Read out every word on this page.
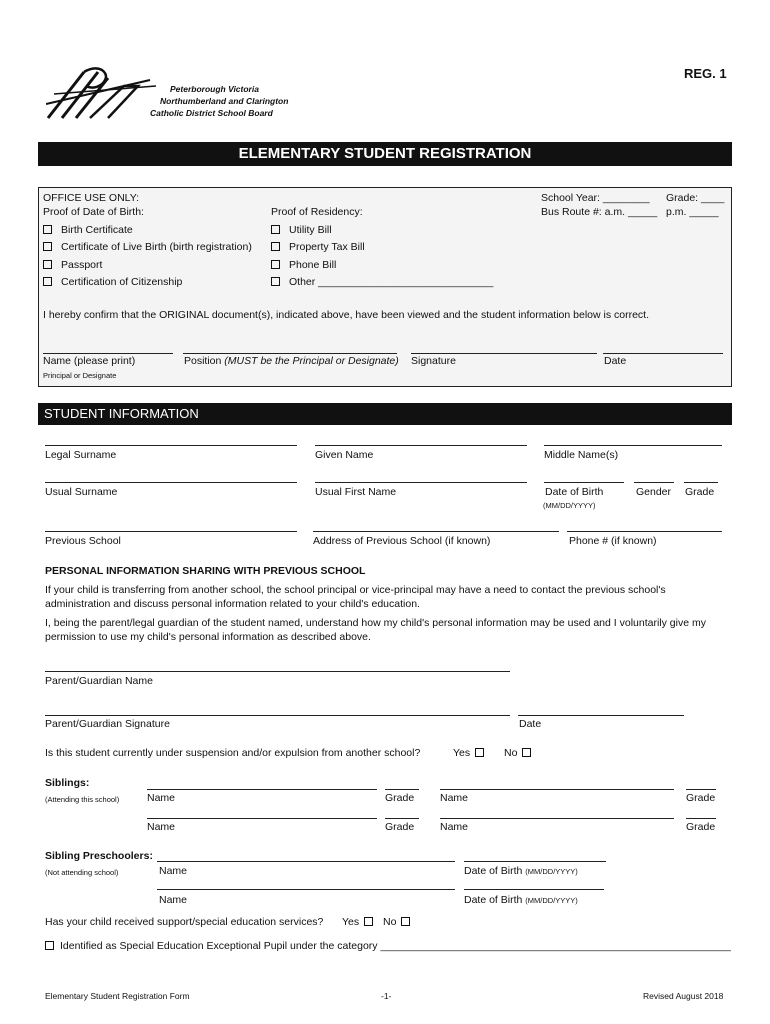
REG. 1
Peterborough Victoria
Northumberland and Clarington
Catholic District School Board
ELEMENTARY STUDENT REGISTRATION
OFFICE USE ONLY:
Proof of Date of Birth:	Proof of Residency:
School Year: ________ Grade: ____
Bus Route #: a.m. _____ p.m. _____
Birth Certificate
Certificate of Live Birth (birth registration)
Passport
Certification of Citizenship
Utility Bill
Property Tax Bill
Phone Bill
Other ______________________________
I hereby confirm that the ORIGINAL document(s), indicated above, have been viewed and the student information below is correct.
Name (please print)	Position (MUST be the Principal or Designate) Signature	Date
Principal or Designate
STUDENT INFORMATION
Legal Surname	Given Name	Middle Name(s)
Usual Surname	Usual First Name	Date of Birth	Gender Grade
(MM/DD/YYYY)
Previous School	Address of Previous School (if known)	Phone # (if known)
PERSONAL INFORMATION SHARING WITH PREVIOUS SCHOOL
If your child is transferring from another school, the school principal or vice-principal may have a need to contact the previous school's
administration and discuss personal information related to your child's education.
I, being the parent/legal guardian of the student named, understand how my child's personal information may be used and I voluntarily give my
permission to use my child's personal information as described above.
Parent/Guardian Name
Parent/Guardian Signature	Date
Is this student currently under suspension and/or expulsion from another school?	Yes	No
Siblings:
(Attending this school)	Name	Grade Name	Grade
Name	Grade Name	Grade
Sibling Preschoolers:
(Not attending school)	Name	Date of Birth (MM/DD/YYYY)
Name	Date of Birth (MM/DD/YYYY)
Has your child received support/special education services? Yes	No
Identified as Special Education Exceptional Pupil under the category ____________________________________________________________
Elementary Student Registration Form	-1-	Revised August 2018
